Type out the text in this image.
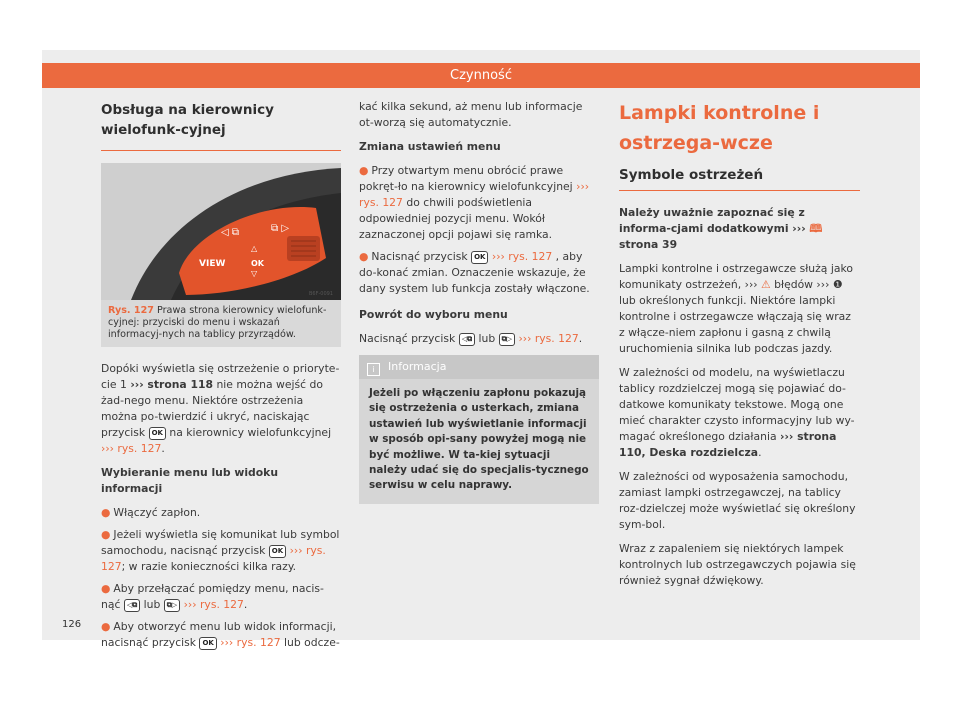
Czynność
Obsługa na kierownicy wielofunk-cyjnej
VIEW	OK
△
▽
◁ ⧉	⧉ ▷
B6F-0091
Rys. 127 Prawa strona kierownicy wielofunk-cyjnej: przyciski do menu i wskazań informacyj-nych na tablicy przyrządów.

Dopóki wyświetla się ostrzeżenie o prioryte-cie 1 ››› strona 118 nie można wejść do żad-nego menu. Niektóre ostrzeżenia można po-twierdzić i ukryć, naciskając przycisk OK na kierownicy wielofunkcyjnej ››› rys. 127.

Wybieranie menu lub widoku informacji
● Włączyć zapłon.
● Jeżeli wyświetla się komunikat lub symbol samochodu, nacisnąć przycisk OK ››› rys. 127; w razie konieczności kilka razy.
● Aby przełączać pomiędzy menu, nacis-nąć ◁⧉ lub ⧉▷ ››› rys. 127.
● Aby otworzyć menu lub widok informacji, nacisnąć przycisk OK ››› rys. 127 lub odcze-

kać kilka sekund, aż menu lub informacje ot-worzą się automatycznie.

Zmiana ustawień menu
● Przy otwartym menu obrócić prawe pokręt-ło na kierownicy wielofunkcyjnej ››› rys. 127 do chwili podświetlenia odpowiedniej pozycji menu. Wokół zaznaczonej opcji pojawi się ramka.
● Nacisnąć przycisk OK ››› rys. 127 , aby do-konać zmian. Oznaczenie wskazuje, że dany system lub funkcja zostały włączone.
Powrót do wyboru menu

Nacisnąć przycisk ◁⧉ lub ⧉▷ ››› rys. 127.

i Informacja
Jeżeli po włączeniu zapłonu pokazują się ostrzeżenia o usterkach, zmiana ustawień lub wyświetlanie informacji w sposób opi-sany powyżej mogą nie być możliwe. W ta-kiej sytuacji należy udać się do specjalis-tycznego serwisu w celu naprawy.
Lampki kontrolne i ostrzega-wcze
Symbole ostrzeżeń

Należy uważnie zapoznać się z informa-cjami dodatkowymi ››› 🕮 strona 39

Lampki kontrolne i ostrzegawcze służą jako komunikaty ostrzeżeń, ››› ⚠ błędów ››› ❶ lub określonych funkcji. Niektóre lampki kontrolne i ostrzegawcze włączają się wraz z włącze-niem zapłonu i gasną z chwilą uruchomienia silnika lub podczas jazdy.

W zależności od modelu, na wyświetlaczu tablicy rozdzielczej mogą się pojawiać do-datkowe komunikaty tekstowe. Mogą one mieć charakter czysto informacyjny lub wy-magać określonego działania ››› strona 110, Deska rozdzielcza.

W zależności od wyposażenia samochodu, zamiast lampki ostrzegawczej, na tablicy roz-dzielczej może wyświetlać się określony sym-bol.

Wraz z zapaleniem się niektórych lampek kontrolnych lub ostrzegawczych pojawia się również sygnał dźwiękowy.

126
